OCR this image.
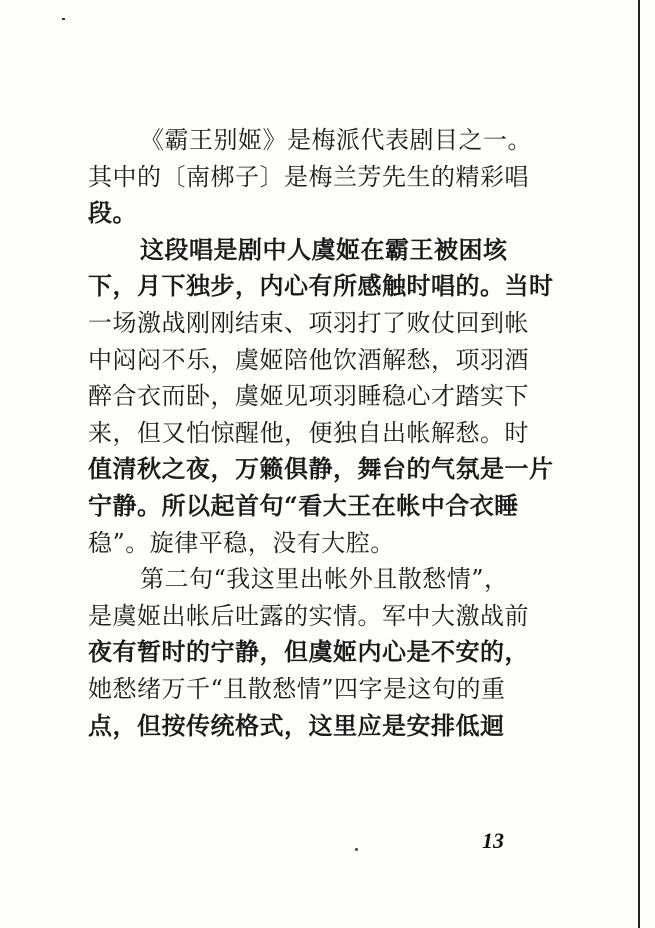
《霸王别姬》是梅派代表剧目之一。
其中的〔南梆子〕是梅兰芳先生的精彩唱
段。

这段唱是剧中人虞姬在霸王被困垓
下，月下独步，内心有所感触时唱的。当时
一场激战刚刚结束、项羽打了败仗回到帐
中闷闷不乐，虞姬陪他饮酒解愁，项羽酒
醉合衣而卧，虞姬见项羽睡稳心才踏实下
来，但又怕惊醒他，便独自出帐解愁。时
值清秋之夜，万籁俱静，舞台的气氛是一片
宁静。所以起首句“看大王在帐中合衣睡
稳”。旋律平稳，没有大腔。

第二句“我这里出帐外且散愁情”，
是虞姬出帐后吐露的实情。军中大激战前
夜有暂时的宁静，但虞姬内心是不安的，
她愁绪万千“且散愁情”四字是这句的重
点，但按传统格式，这里应是安排低迴

13
